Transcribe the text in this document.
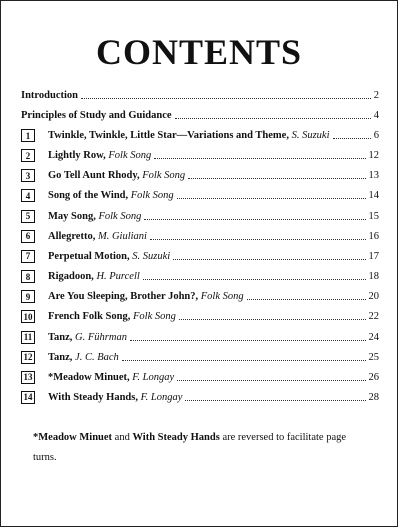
CONTENTS
Introduction	2
Principles of Study and Guidance	4
1	Twinkle, Twinkle, Little Star—Variations and Theme, S. Suzuki	6
2	Lightly Row, Folk Song	12
3	Go Tell Aunt Rhody, Folk Song	13
4	Song of the Wind, Folk Song	14
5	May Song, Folk Song	15
6	Allegretto, M. Giuliani	16
7	Perpetual Motion, S. Suzuki	17
8	Rigadoon, H. Purcell	18
9	Are You Sleeping, Brother John?, Folk Song	20
10 French Folk Song, Folk Song	22
11 Tanz, G. Führman	24
12 Tanz, J. C. Bach	25
13 *Meadow Minuet, F. Longay	26
14 With Steady Hands, F. Longay	28
*Meadow Minuet and With Steady Hands are reversed to facilitate page turns.
